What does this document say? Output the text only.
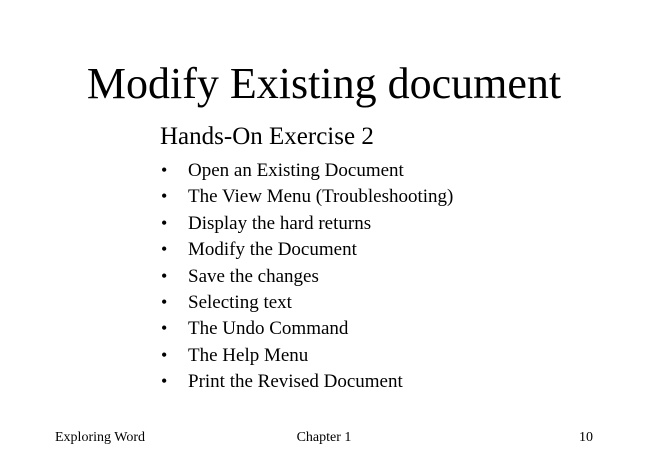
Modify Existing document
Hands-On Exercise 2
•	Open an Existing Document
•	The View Menu (Troubleshooting)
•	Display the hard returns
•	Modify the Document
•	Save the changes
•	Selecting text
•	The Undo Command
•	The Help Menu
•	Print the Revised Document
Exploring Word	Chapter 1	10
